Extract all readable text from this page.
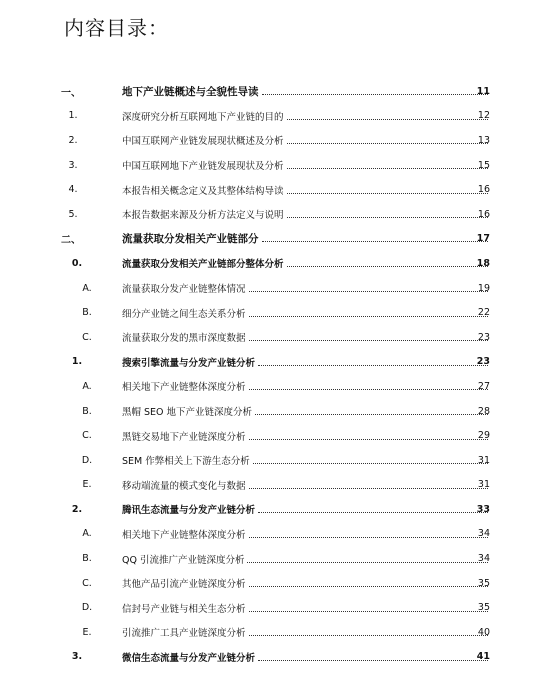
内容目录：
一、	地下产业链概述与全貌性导读	11
1.	深度研究分析互联网地下产业链的目的	12
2.	中国互联网产业链发展现状概述及分析	13
3.	中国互联网地下产业链发展现状及分析	15
4.	本报告相关概念定义及其整体结构导读	16
5.	本报告数据来源及分析方法定义与说明	16
二、	流量获取分发相关产业链部分	17
0.	流量获取分发相关产业链部分整体分析	18
A.	流量获取分发产业链整体情况	19
B.	细分产业链之间生态关系分析	22
C.	流量获取分发的黑市深度数据	23
1.	搜索引擎流量与分发产业链分析	23
A.	相关地下产业链整体深度分析	27
B.	黑帽 SEO 地下产业链深度分析	28
C.	黑链交易地下产业链深度分析	29
D.	SEM 作弊相关上下游生态分析	31
E.	移动端流量的模式变化与数据	31
2.	腾讯生态流量与分发产业链分析	33
A.	相关地下产业链整体深度分析	34
B.	QQ 引流推广产业链深度分析	34
C.	其他产品引流产业链深度分析	35
D.	信封号产业链与相关生态分析	35
E.	引流推广工具产业链深度分析	40
3.	微信生态流量与分发产业链分析	41
